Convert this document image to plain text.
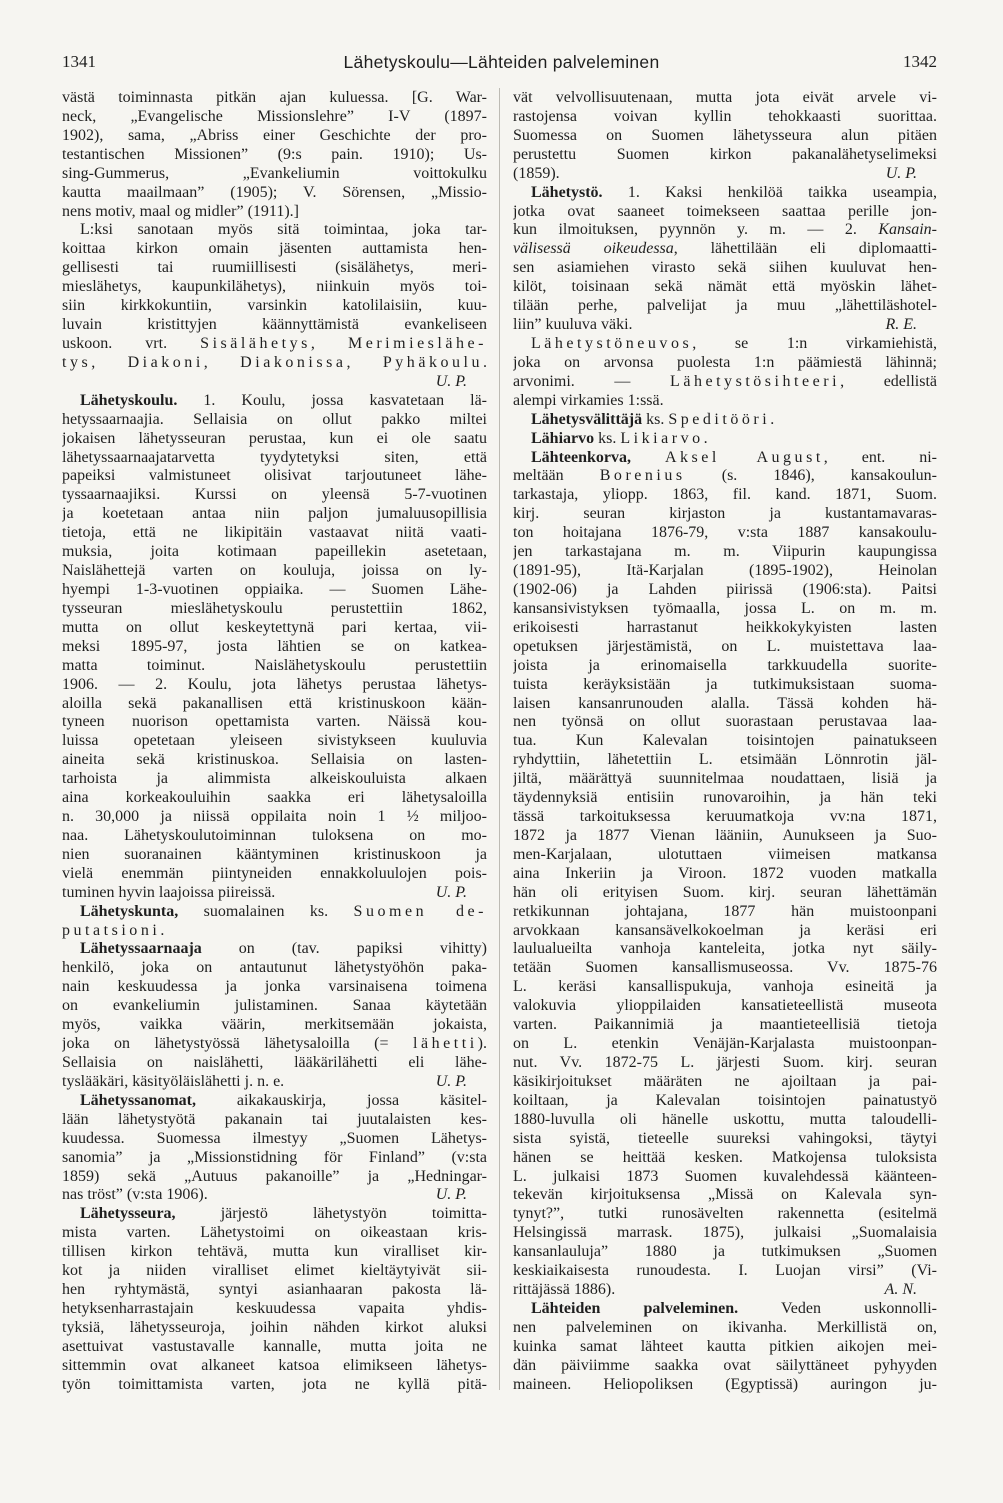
1341	Lähetyskoulu—Lähteiden palveleminen	1342
västä toiminnasta pitkän ajan kuluessa. [G. War-
neck, „Evangelische Missionslehre” I-V (1897-
1902), sama, „Abriss einer Geschichte der pro-
testantischen Missionen” (9:s pain. 1910); Us-
sing-Gummerus, „Evankeliumin voittokulku
kautta maailmaan” (1905); V. Sörensen, „Missio-
nens motiv, maal og midler” (1911).]
L:ksi sanotaan myös sitä toimintaa, joka tar-
koittaa kirkon omain jäsenten auttamista hen-
gellisesti tai ruumiillisesti (sisälähetys, meri-
mieslähetys, kaupunkilähetys), niinkuin myös toi-
siin kirkkokuntiin, varsinkin katolilaisiin, kuu-
luvain kristittyjen käännyttämistä evankeliseen
uskoon. vrt. Sisälähetys, Merimieslähe-
tys, Diakoni, Diakonissa, Pyhäkoulu.
U. P.
Lähetyskoulu. 1. Koulu, jossa kasvatetaan lä-
hetyssaarnaajia. Sellaisia on ollut pakko miltei
jokaisen lähetysseuran perustaa, kun ei ole saatu
lähetyssaarnaajatarvetta tyydytetyksi siten, että
papeiksi valmistuneet olisivat tarjoutuneet lähe-
tyssaarnaajiksi. Kurssi on yleensä 5-7-vuotinen
ja koetetaan antaa niin paljon jumaluusopillisia
tietoja, että ne likipitäin vastaavat niitä vaati-
muksia, joita kotimaan papeillekin asetetaan,
Naislähettejä varten on kouluja, joissa on ly-
hyempi 1-3-vuotinen oppiaika. — Suomen Lähe-
tysseuran mieslähetyskoulu perustettiin 1862,
mutta on ollut keskeytettynä pari kertaa, vii-
meksi 1895-97, josta lähtien se on katkea-
matta toiminut. Naislähetyskoulu perustettiin
1906. — 2. Koulu, jota lähetys perustaa lähetys-
aloilla sekä pakanallisen että kristinuskoon kään-
tyneen nuorison opettamista varten. Näissä kou-
luissa opetetaan yleiseen sivistykseen kuuluvia
aineita sekä kristinuskoa. Sellaisia on lasten-
tarhoista ja alimmista alkeiskouluista alkaen
aina korkeakouluihin saakka eri lähetysaloilla
n. 30,000 ja niissä oppilaita noin 1 ½ miljoo-
naa. Lähetyskoulutoiminnan tuloksena on mo-
nien suoranainen kääntyminen kristinuskoon ja
vielä enemmän piintyneiden ennakkoluulojen pois-
U. P.
tuminen hyvin laajoissa piireissä.
Lähetyskunta, suomalainen ks. Suomen de-
putatsioni.
Lähetyssaarnaaja on (tav. papiksi vihitty)
henkilö, joka on antautunut lähetystyöhön paka-
nain keskuudessa ja jonka varsinaisena toimena
on evankeliumin julistaminen. Sanaa käytetään
myös, vaikka väärin, merkitsemään jokaista,
joka on lähetystyössä lähetysaloilla (= lähetti).
Sellaisia on naislähetti, lääkärilähetti eli lähe-
U. P.
tyslääkäri, käsityöläislähetti j. n. e.
Lähetyssanomat, aikakauskirja, jossa käsitel-
lään lähetystyötä pakanain tai juutalaisten kes-
kuudessa. Suomessa ilmestyy „Suomen Lähetys-
sanomia” ja „Missionstidning för Finland” (v:sta
1859) sekä „Autuus pakanoille” ja „Hedningar-
U. P.
nas tröst” (v:sta 1906).
Lähetysseura, järjestö lähetystyön toimitta-
mista varten. Lähetystoimi on oikeastaan kris-
tillisen kirkon tehtävä, mutta kun viralliset kir-
kot ja niiden viralliset elimet kieltäytyivät sii-
hen ryhtymästä, syntyi asianhaaran pakosta lä-
hetyksenharrastajain keskuudessa vapaita yhdis-
tyksiä, lähetysseuroja, joihin nähden kirkot aluksi
asettuivat vastustavalle kannalle, mutta joita ne
sittemmin ovat alkaneet katsoa elimikseen lähetys-
työn toimittamista varten, jota ne kyllä pitä-
vät velvollisuutenaan, mutta jota eivät arvele vi-
rastojensa voivan kyllin tehokkaasti suorittaa.
Suomessa on Suomen lähetysseura alun pitäen
perustettu Suomen kirkon pakanalähetyselimeksi
U. P.
(1859).
Lähetystö. 1. Kaksi henkilöä taikka useampia,
jotka ovat saaneet toimekseen saattaa perille jon-
kun ilmoituksen, pyynnön y. m. — 2. Kansain-
välisessä oikeudessa, lähettilään eli diplomaatti-
sen asiamiehen virasto sekä siihen kuuluvat hen-
kilöt, toisinaan sekä nämät että myöskin lähet-
tilään perhe, palvelijat ja muu „lähettiläshotel-
R. E.
liin” kuuluva väki.
Lähetystöneuvos, se 1:n virkamiehistä,
joka on arvonsa puolesta 1:n päämiestä lähinnä;
arvonimi. — Lähetystösihteeri, edellistä
alempi virkamies 1:ssä.
Lähetysvälittäjä ks. Speditööri.
Lähiarvo ks. Likiarvo.
Lähteenkorva, Aksel August, ent. ni-
meltään Borenius (s. 1846), kansakoulun-
tarkastaja, yliopp. 1863, fil. kand. 1871, Suom.
kirj. seuran kirjaston ja kustantamavaras-
ton hoitajana 1876-79, v:sta 1887 kansakoulu-
jen tarkastajana m. m. Viipurin kaupungissa
(1891-95), Itä-Karjalan (1895-1902), Heinolan
(1902-06) ja Lahden piirissä (1906:sta). Paitsi
kansansivistyksen työmaalla, jossa L. on m. m.
erikoisesti harrastanut heikkokykyisten lasten
opetuksen järjestämistä, on L. muistettava laa-
joista ja erinomaisella tarkkuudella suorite-
tuista keräyksistään ja tutkimuksistaan suoma-
laisen kansanrunouden alalla. Tässä kohden hä-
nen työnsä on ollut suorastaan perustavaa laa-
tua. Kun Kalevalan toisintojen painatukseen
ryhdyttiin, lähetettiin L. etsimään Lönnrotin jäl-
jiltä, määrättyä suunnitelmaa noudattaen, lisiä ja
täydennyksiä entisiin runovaroihin, ja hän teki
tässä tarkoituksessa keruumatkoja vv:na 1871,
1872 ja 1877 Vienan lääniin, Aunukseen ja Suo-
men-Karjalaan, ulotuttaen viimeisen matkansa
aina Inkeriin ja Viroon. 1872 vuoden matkalla
hän oli erityisen Suom. kirj. seuran lähettämän
retkikunnan johtajana, 1877 hän muistoonpani
arvokkaan kansansävelkokoelman ja keräsi eri
laulualueilta vanhoja kanteleita, jotka nyt säily-
tetään Suomen kansallismuseossa. Vv. 1875-76
L. keräsi kansallispukuja, vanhoja esineitä ja
valokuvia ylioppilaiden kansatieteellistä museota
varten. Paikannimiä ja maantieteellisiä tietoja
on L. etenkin Venäjän-Karjalasta muistoonpan-
nut. Vv. 1872-75 L. järjesti Suom. kirj. seuran
käsikirjoitukset määräten ne ajoiltaan ja pai-
koiltaan, ja Kalevalan toisintojen painatustyö
1880-luvulla oli hänelle uskottu, mutta taloudelli-
sista syistä, tieteelle suureksi vahingoksi, täytyi
hänen se heittää kesken. Matkojensa tuloksista
L. julkaisi 1873 Suomen kuvalehdessä käänteen-
tekevän kirjoituksensa „Missä on Kalevala syn-
tynyt?”, tutki runosävelten rakennetta (esitelmä
Helsingissä marrask. 1875), julkaisi „Suomalaisia
kansanlauluja” 1880 ja tutkimuksen „Suomen
keskiaikaisesta runoudesta. I. Luojan virsi” (Vi-
A. N.
rittäjässä 1886).
Lähteiden palveleminen. Veden uskonnolli-
nen palveleminen on ikivanha. Merkillistä on,
kuinka samat lähteet kautta pitkien aikojen mei-
dän päiviimme saakka ovat säilyttäneet pyhyyden
maineen. Heliopoliksen (Egyptissä) auringon ju-
